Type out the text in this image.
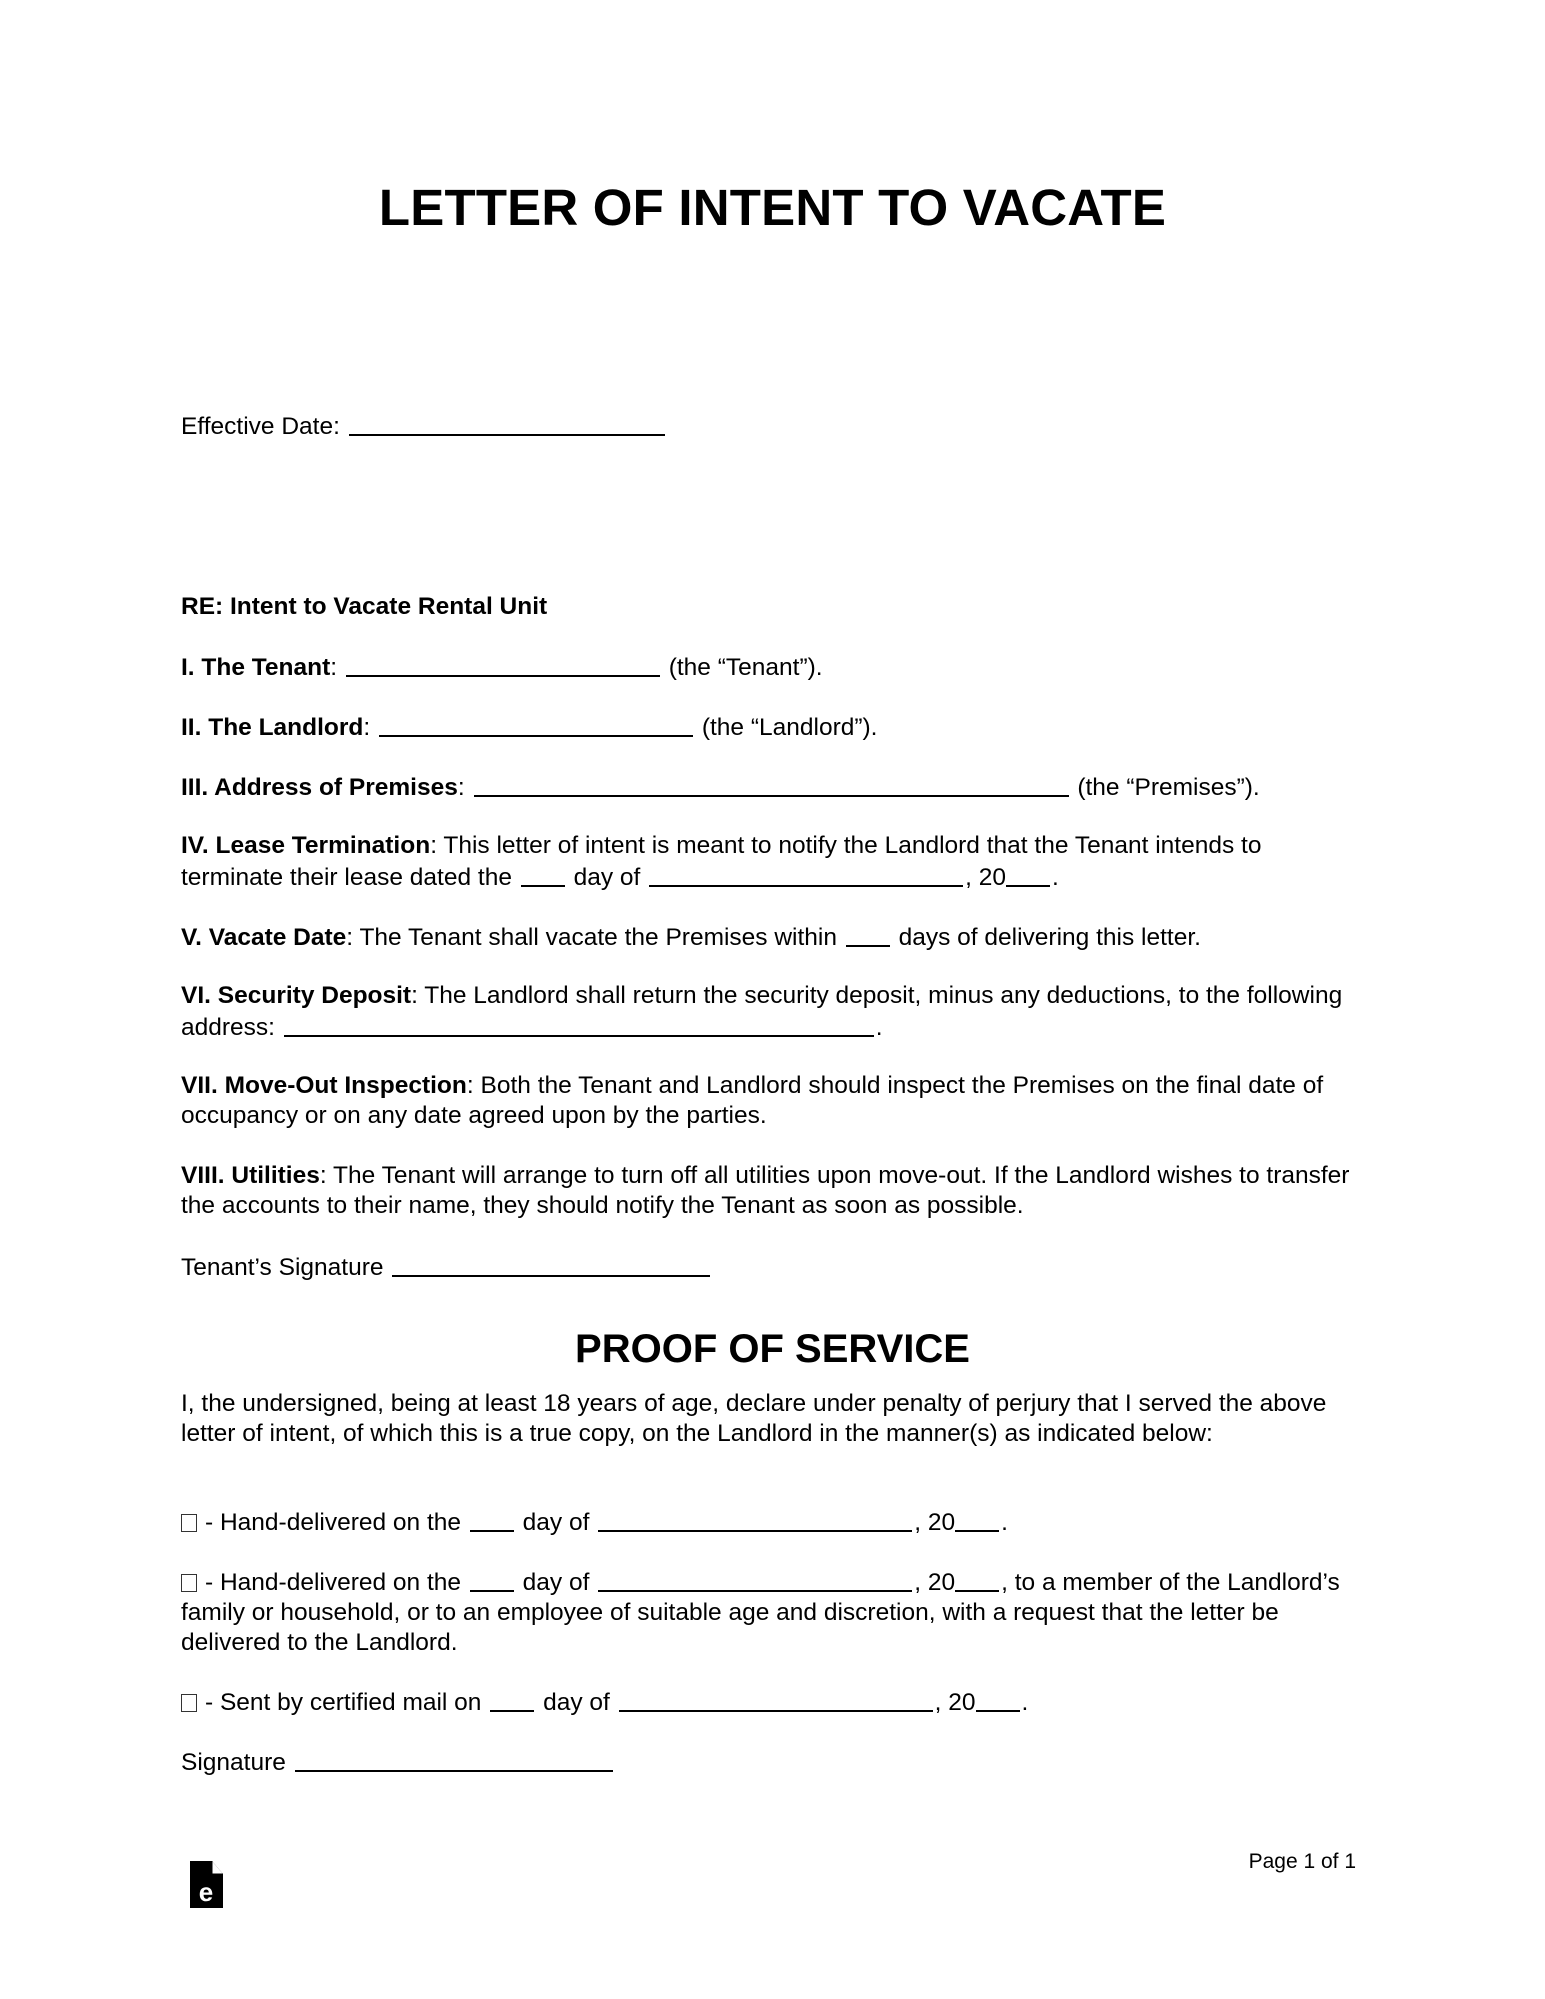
LETTER OF INTENT TO VACATE
Effective Date:
RE: Intent to Vacate Rental Unit
I. The Tenant:	(the “Tenant”).
II. The Landlord:	(the “Landlord”).
III. Address of Premises:	(the “Premises”).
IV. Lease Termination: This letter of intent is meant to notify the Landlord that the Tenant intends to terminate their lease dated the	day of	, 20 .
V. Vacate Date: The Tenant shall vacate the Premises within	days of delivering this letter.
VI. Security Deposit: The Landlord shall return the security deposit, minus any deductions, to the following address:	.
VII. Move-Out Inspection: Both the Tenant and Landlord should inspect the Premises on the final date of occupancy or on any date agreed upon by the parties.
VIII. Utilities: The Tenant will arrange to turn off all utilities upon move-out. If the Landlord wishes to transfer the accounts to their name, they should notify the Tenant as soon as possible.
Tenant’s Signature
PROOF OF SERVICE
I, the undersigned, being at least 18 years of age, declare under penalty of perjury that I served the above letter of intent, of which this is a true copy, on the Landlord in the manner(s) as indicated below:
- Hand-delivered on the	day of	, 20 .
- Hand-delivered on the	day of	, 20 , to a member of the Landlord’s family or household, or to an employee of suitable age and discretion, with a request that the letter be delivered to the Landlord.
- Sent by certified mail on	day of	, 20 .
Signature
e
Page 1 of 1
